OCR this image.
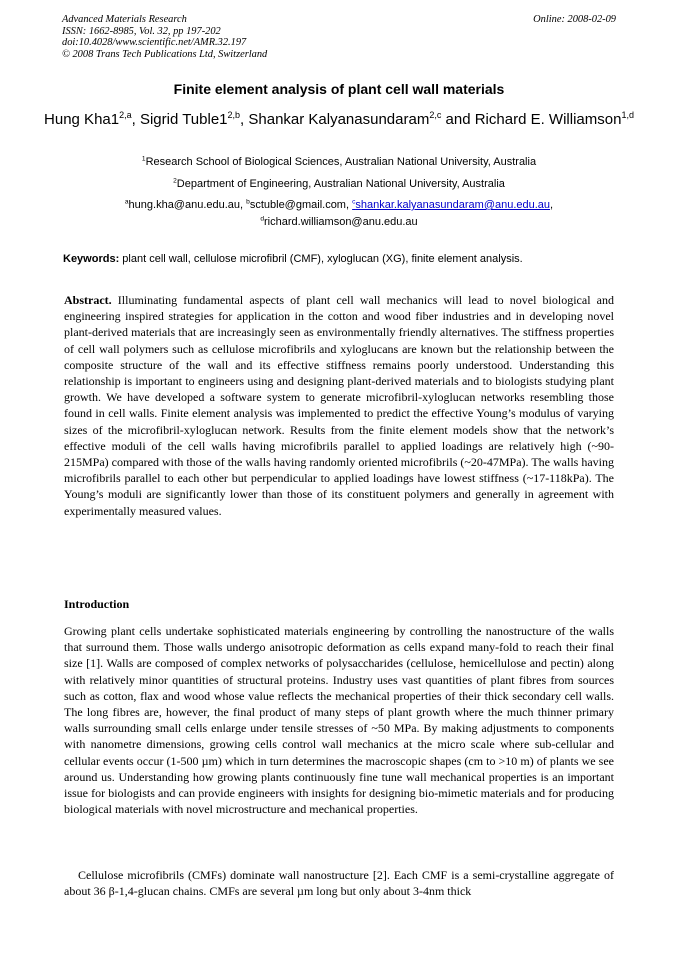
Advanced Materials Research
ISSN: 1662-8985, Vol. 32, pp 197-202
doi:10.4028/www.scientific.net/AMR.32.197
© 2008 Trans Tech Publications Ltd, Switzerland
Online: 2008-02-09
Finite element analysis of plant cell wall materials
Hung Kha1$^{2,a}$, Sigrid Tuble1$^{2,b}$, Shankar Kalyanasundaram$^{2,c}$ and Richard E. Williamson$^{1,d}$
$^1$Research School of Biological Sciences, Australian National University, Australia
$^2$Department of Engineering, Australian National University, Australia
$^a$hung.kha@anu.edu.au, $^b$sctuble@gmail.com, $^c$shankar.kalyanasundaram@anu.edu.au,
$^d$richard.williamson@anu.edu.au
Keywords: plant cell wall, cellulose microfibril (CMF), xyloglucan (XG), finite element analysis.

Abstract. Illuminating fundamental aspects of plant cell wall mechanics will lead to novel biological and engineering inspired strategies for application in the cotton and wood fiber industries and in developing novel plant-derived materials that are increasingly seen as environmentally friendly alternatives. The stiffness properties of cell wall polymers such as cellulose microfibrils and xyloglucans are known but the relationship between the composite structure of the wall and its effective stiffness remains poorly understood. Understanding this relationship is important to engineers using and designing plant-derived materials and to biologists studying plant growth. We have developed a software system to generate microfibril-xyloglucan networks resembling those found in cell walls. Finite element analysis was implemented to predict the effective Young’s modulus of varying sizes of the microfibril-xyloglucan network. Results from the finite element models show that the network’s effective moduli of the cell walls having microfibrils parallel to applied loadings are relatively high (~90-215MPa) compared with those of the walls having randomly oriented microfibrils (~20-47MPa). The walls having microfibrils parallel to each other but perpendicular to applied loadings have lowest stiffness (~17-118kPa). The Young’s moduli are significantly lower than those of its constituent polymers and generally in agreement with experimentally measured values.

Introduction

Growing plant cells undertake sophisticated materials engineering by controlling the nanostructure of the walls that surround them. Those walls undergo anisotropic deformation as cells expand many-fold to reach their final size [1]. Walls are composed of complex networks of polysaccharides (cellulose, hemicellulose and pectin) along with relatively minor quantities of structural proteins. Industry uses vast quantities of plant fibres from sources such as cotton, flax and wood whose value reflects the mechanical properties of their thick secondary cell walls. The long fibres are, however, the final product of many steps of plant growth where the much thinner primary walls surrounding small cells enlarge under tensile stresses of ~50 MPa. By making adjustments to components with nanometre dimensions, growing cells control wall mechanics at the micro scale where sub-cellular and cellular events occur (1-500 µm) which in turn determines the macroscopic shapes (cm to >10 m) of plants we see around us. Understanding how growing plants continuously fine tune wall mechanical properties is an important issue for biologists and can provide engineers with insights for designing bio-mimetic materials and for producing biological materials with novel microstructure and mechanical properties.

Cellulose microfibrils (CMFs) dominate wall nanostructure [2]. Each CMF is a semi-crystalline aggregate of about 36 β-1,4-glucan chains. CMFs are several µm long but only about 3-4nm thick
